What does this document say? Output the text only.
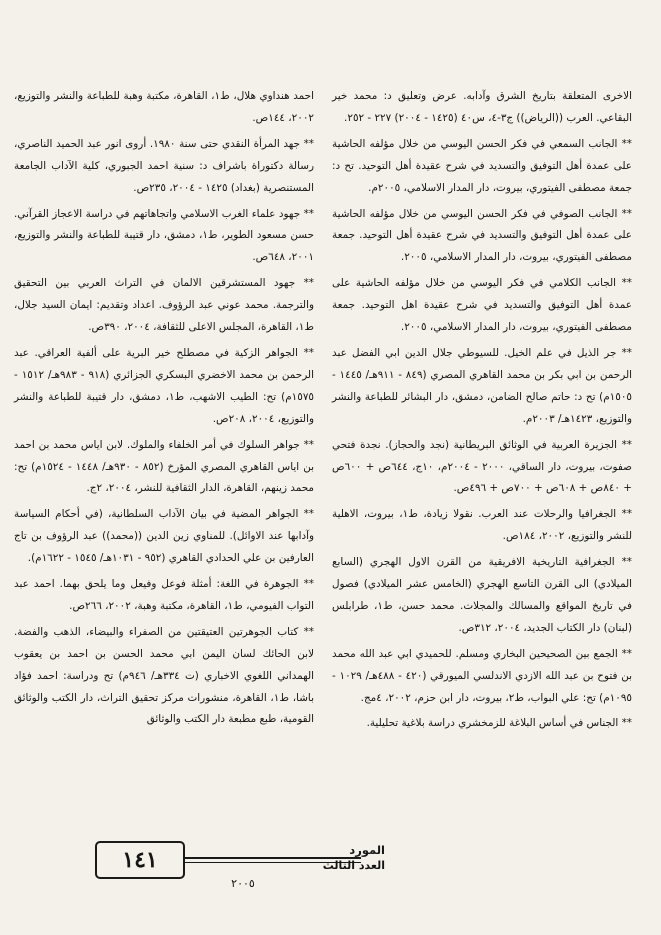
الاخرى المتعلقة بتاريخ الشرق وآدابه. عرض وتعليق د: محمد خير البقاعي. العرب ((الرياض)) ج٣-٤، س٤٠ (١٤٢٥ - ٢٠٠٤) ٢٢٧ - ٢٥٢.

** الجانب السمعي في فكر الحسن اليوسي من خلال مؤلفه الحاشية على عمدة أهل التوفيق والتسديد في شرح عقيدة أهل التوحيد. تح د: جمعة مصطفى الفيتوري، بيروت، دار المدار الاسلامي، ٢٠٠٥م.

** الجانب الصوفي في فكر الحسن اليوسي من خلال مؤلفه الحاشية على عمدة أهل التوفيق والتسديد في شرح عقيدة أهل التوحيد. جمعة مصطفى الفيتوري، بيروت، دار المدار الاسلامي، ٢٠٠٥.

** الجانب الكلامي في فكر اليوسي من خلال مؤلفه الحاشية على عمدة أهل التوفيق والتسديد في شرح عقيدة اهل التوحيد. جمعة مصطفى الفيتوري، بيروت، دار المدار الاسلامي، ٢٠٠٥.

** جر الذيل في علم الخيل. للسيوطي جلال الدين ابي الفضل عبد الرحمن بن ابي بكر بن محمد القاهري المصري (٨٤٩ - ٩١١هـ/ ١٤٤٥ - ١٥٠٥م) تح د: حاتم صالح الضامن، دمشق، دار البشائر للطباعة والنشر والتوزيع، ١٤٢٣هـ/ ٢٠٠٣م.

** الجزيرة العربية في الوثائق البريطانية (نجد والحجاز). نجدة فتحي صفوت، بيروت، دار الساقي، ٢٠٠٠ - ٢٠٠٤م، ١٠ج، ٦٤٤ص + ٦٠٠ص + ٨٤٠ص + ٦٠٨ص + ٧٠٠ص + ٤٩٦ص.

** الجغرافيا والرحلات عند العرب. نقولا زيادة، ط١، بيروت، الاهلية للنشر والتوزيع، ٢٠٠٢، ١٨٤ص.

** الجغرافية التاريخية الافريقية من القرن الاول الهجري (السابع الميلادي) الى القرن التاسع الهجري (الخامس عشر الميلادي) فصول في تاريخ المواقع والمسالك والمجلات. محمد حسن، ط١، طرابلس (لبنان) دار الكتاب الجديد، ٢٠٠٤، ٣١٢ص.

** الجمع بين الصحيحين البخاري ومسلم. للحميدي ابي عبد الله محمد بن فتوح بن عبد الله الازدي الاندلسي الميورقي (٤٢٠ - ٤٨٨هـ/ ١٠٢٩ - ١٠٩٥م) تح: علي البواب، ط٢، بيروت، دار ابن حزم، ٢٠٠٢، ٤مج.

** الجناس في أساس البلاغة للزمخشري دراسة بلاغية تحليلية.

احمد هنداوي هلال، ط١، القاهرة، مكتبة وهبة للطباعة والنشر والتوزيع، ٢٠٠٢، ١٤٤ص.

** جهد المرأة النقدي حتى سنة ١٩٨٠. أروى انور عبد الحميد الناصري، رسالة دكتوراة باشراف د: سنية احمد الجبوري، كلية الآداب الجامعة المستنصرية (بغداد) ١٤٢٥ - ٢٠٠٤، ٢٣٥ص.

** جهود علماء الغرب الاسلامي واتجاهاتهم في دراسة الاعجاز القرآني. حسن مسعود الطوير، ط١، دمشق، دار قتيبة للطباعة والنشر والتوزيع، ٢٠٠١، ٦٤٨ص.

** جهود المستشرقين الالمان في التراث العربي بين التحقيق والترجمة. محمد عوني عبد الرؤوف. اعداد وتقديم: ايمان السيد جلال، ط١، القاهرة، المجلس الاعلى للثقافة، ٢٠٠٤، ٣٩٠ص.

** الجواهر الزكية في مصطلح خير البرية على ألفية العراقي. عبد الرحمن بن محمد الاخضري البسكري الجزائري (٩١٨ - ٩٨٣هـ/ ١٥١٢ - ١٥٧٥م) تح: الطيب الاشهب، ط١، دمشق، دار قتيبة للطباعة والنشر والتوزيع، ٢٠٠٤، ٢٠٨ص.

** جواهر السلوك في أمر الخلفاء والملوك. لابن اياس محمد بن احمد بن اياس القاهري المصري المؤرخ (٨٥٢ - ٩٣٠هـ/ ١٤٤٨ - ١٥٢٤م) تح: محمد زينهم، القاهرة، الدار الثقافية للنشر، ٢٠٠٤، ٢ج.

** الجواهر المضية في بيان الآداب السلطانية، (في أحكام السياسة وآدابها عند الاوائل). للمناوي زين الدين ((محمد)) عبد الرؤوف بن تاج العارفين بن علي الحدادي القاهري (٩٥٢ - ١٠٣١هـ/ ١٥٤٥ - ١٦٢٢م).

** الجوهرة في اللغة: أمثلة فوعل وفيعل وما يلحق بهما. احمد عبد التواب الفيومي، ط١، القاهرة، مكتبة وهبة، ٢٠٠٢، ٢٦٦ص.

** كتاب الجوهرتين العتيقتين من الصفراء والبيضاء، الذهب والفضة. لابن الحائك لسان اليمن ابي محمد الحسن بن احمد بن يعقوب الهمداني اللغوي الاخباري (ت ٣٣٤هـ/ ٩٤٦م) تح ودراسة: احمد فؤاد باشا، ط١، القاهرة، منشورات مركز تحقيق التراث، دار الكتب والوثائق القومية، طبع مطبعة دار الكتب والوثائق

١٤١	المورد
العدد الثالث
٢٠٠٥
